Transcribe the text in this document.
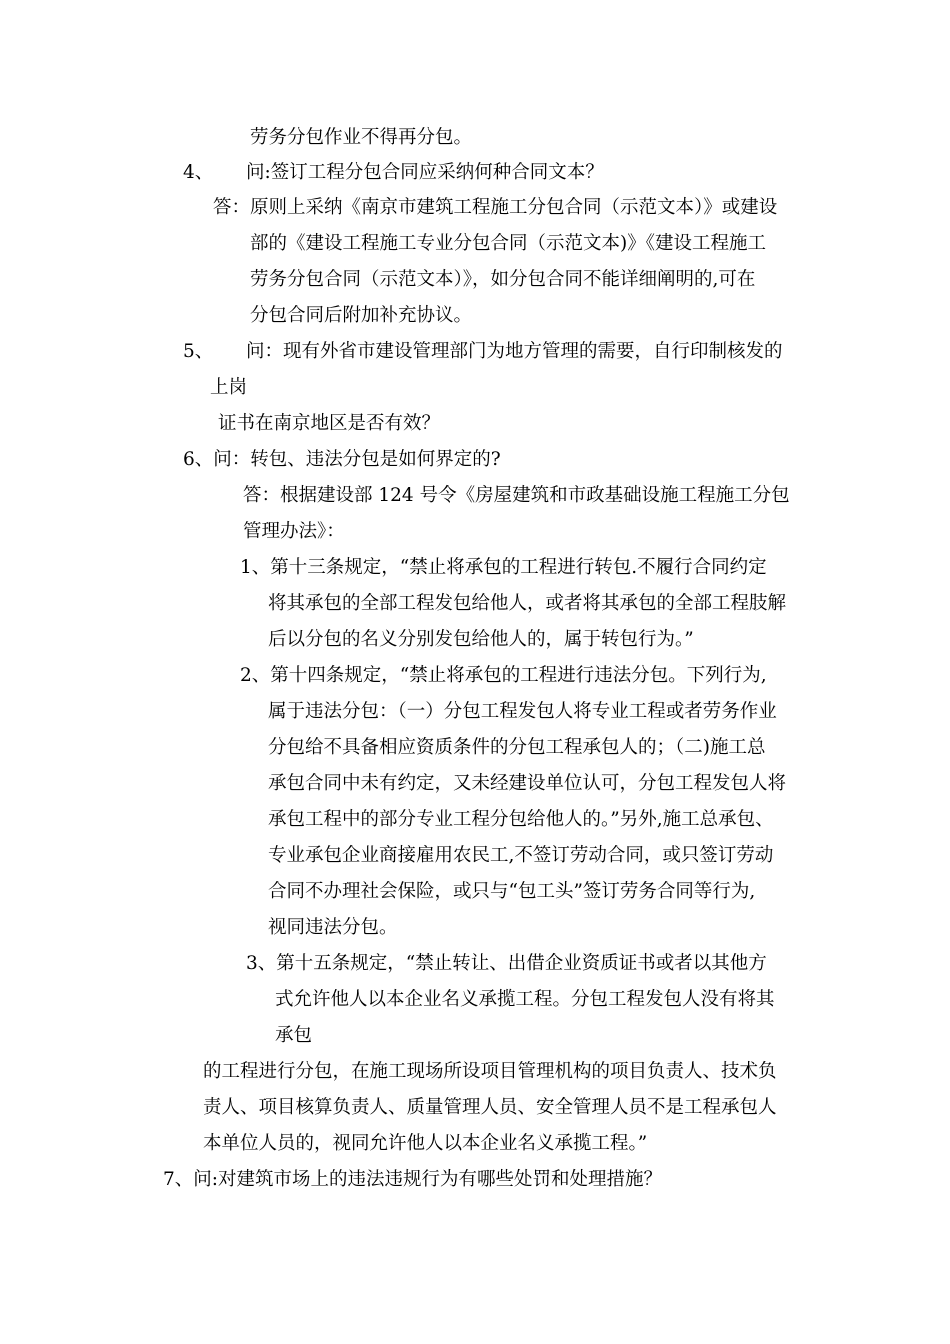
劳务分包作业不得再分包。
4、 问:签订工程分包合同应采纳何种合同文本？
答：原则上采纳《南京市建筑工程施工分包合同（示范文本）》或建设
部的《建设工程施工专业分包合同（示范文本)》《建设工程施工
劳务分包合同（示范文本）》，如分包合同不能详细阐明的,可在
分包合同后附加补充协议。
5、 问：现有外省市建设管理部门为地方管理的需要，自行印制核发的
上岗
证书在南京地区是否有效？
6、问：转包、违法分包是如何界定的?
答：根据建设部 124 号令《房屋建筑和市政基础设施工程施工分包
管理办法》：
1、第十三条规定，“禁止将承包的工程进行转包.不履行合同约定
将其承包的全部工程发包给他人，或者将其承包的全部工程肢解
后以分包的名义分别发包给他人的，属于转包行为。”
2、第十四条规定，“禁止将承包的工程进行违法分包。下列行为,
属于违法分包：（一）分包工程发包人将专业工程或者劳务作业
分包给不具备相应资质条件的分包工程承包人的；（二)施工总
承包合同中未有约定，又未经建设单位认可，分包工程发包人将
承包工程中的部分专业工程分包给他人的。”另外,施工总承包、
专业承包企业商接雇用农民工,不签订劳动合同，或只签订劳动
合同不办理社会保险，或只与“包工头”签订劳务合同等行为,
视同违法分包。
3、第十五条规定，“禁止转让、出借企业资质证书或者以其他方
式允许他人以本企业名义承揽工程。分包工程发包人没有将其
承包
的工程进行分包，在施工现场所设项目管理机构的项目负责人、技术负
责人、项目核算负责人、质量管理人员、安全管理人员不是工程承包人
本单位人员的，视同允许他人以本企业名义承揽工程。”
7、问:对建筑市场上的违法违规行为有哪些处罚和处理措施？
